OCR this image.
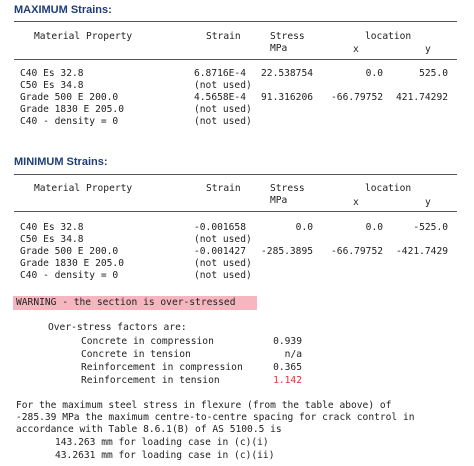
MAXIMUM Strains:
Material Property	Strain	Stress
MPa
location
x	y
C40 Es 32.8	6.8716E-4	22.538754	0.0	525.0
C50 Es 34.8	(not used)
Grade 500 E 200.0	4.5658E-4	91.316206	-66.79752	421.74292
Grade 1830 E 205.0	(not used)
C40 - density = 0	(not used)
MINIMUM Strains:
Material Property	Strain	Stress
MPa
location
x	y
C40 Es 32.8	-0.001658	0.0	0.0	-525.0
C50 Es 34.8	(not used)
Grade 500 E 200.0	-0.001427	-285.3895	-66.79752	-421.7429
Grade 1830 E 205.0	(not used)
C40 - density = 0	(not used)
WARNING - the section is over-stressed
Over-stress factors are:
Concrete in compression	0.939
Concrete in tension	n/a
Reinforcement in compression	0.365
Reinforcement in tension	1.142
For the maximum steel stress in flexure (from the table above) of
-285.39 MPa the maximum centre-to-centre spacing for crack control in
accordance with Table 8.6.1(B) of AS 5100.5 is
143.263 mm for loading case in (c)(i)
43.2631 mm for loading case in (c)(ii)
